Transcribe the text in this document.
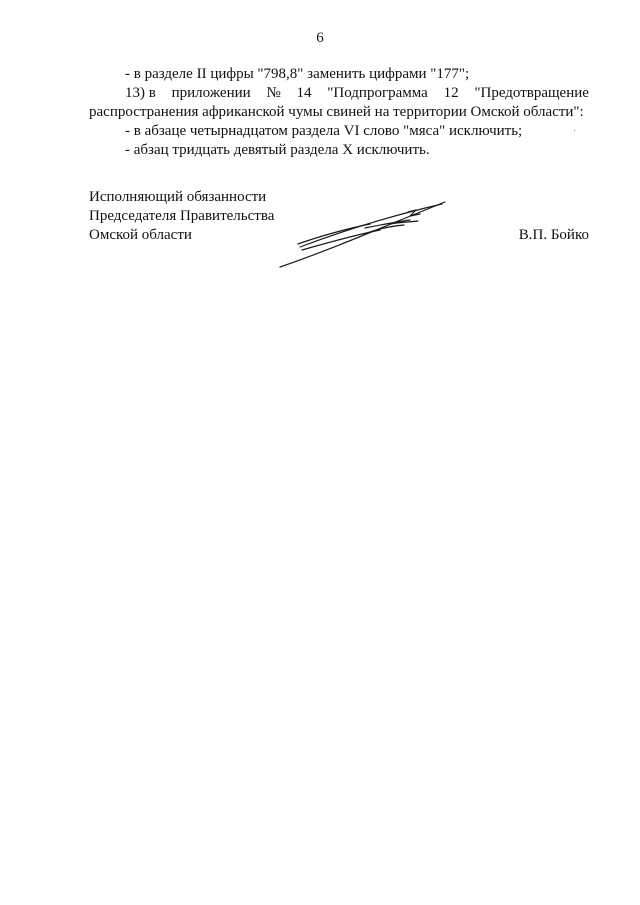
6
- в разделе II цифры "798,8" заменить цифрами "177";
13) в приложении № 14 "Подпрограмма 12 "Предотвращение
распространения африканской чумы свиней на территории Омской области":
- в абзаце четырнадцатом раздела VI слово "мяса" исключить;
- абзац тридцать девятый раздела X исключить.
Исполняющий обязанности
Председателя Правительства
Омской области	В.П. Бойко
